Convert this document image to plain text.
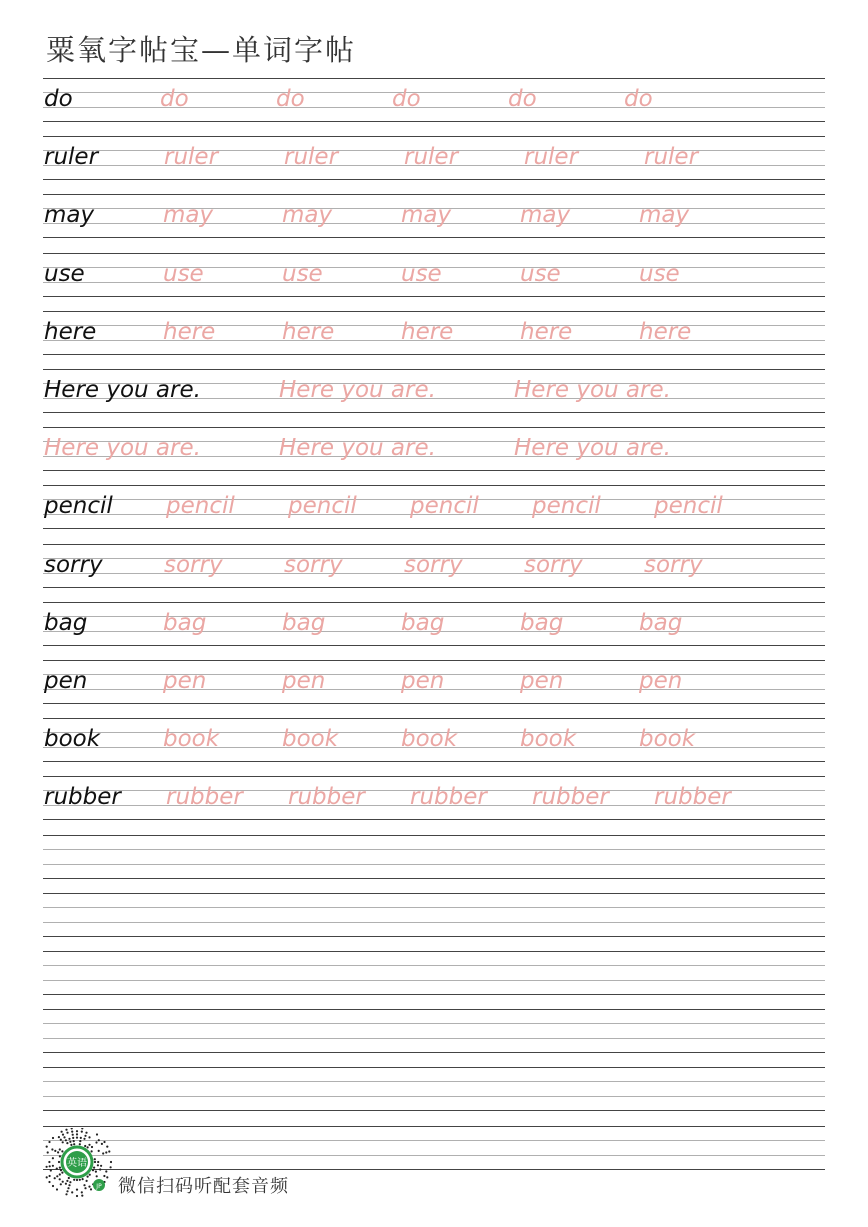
粟氧字帖宝—单词字帖
do	do	do	do	do	do
ruler	ruler	ruler	ruler	ruler	ruler
may	may	may	may	may	may
use	use	use	use	use	use
here	here	here	here	here	here
Here you are.	Here you are.	Here you are.
Here you are.	Here you are.	Here you are.
pencil pencil pencil pencil pencil pencil
sorry	sorry	sorry	sorry	sorry	sorry
bag	bag	bag	bag	bag	bag
pen	pen	pen	pen	pen	pen
book	book	book	book	book	book
rubber rubber rubber rubber rubber rubber
英语
JP 微信扫码听配套音频
